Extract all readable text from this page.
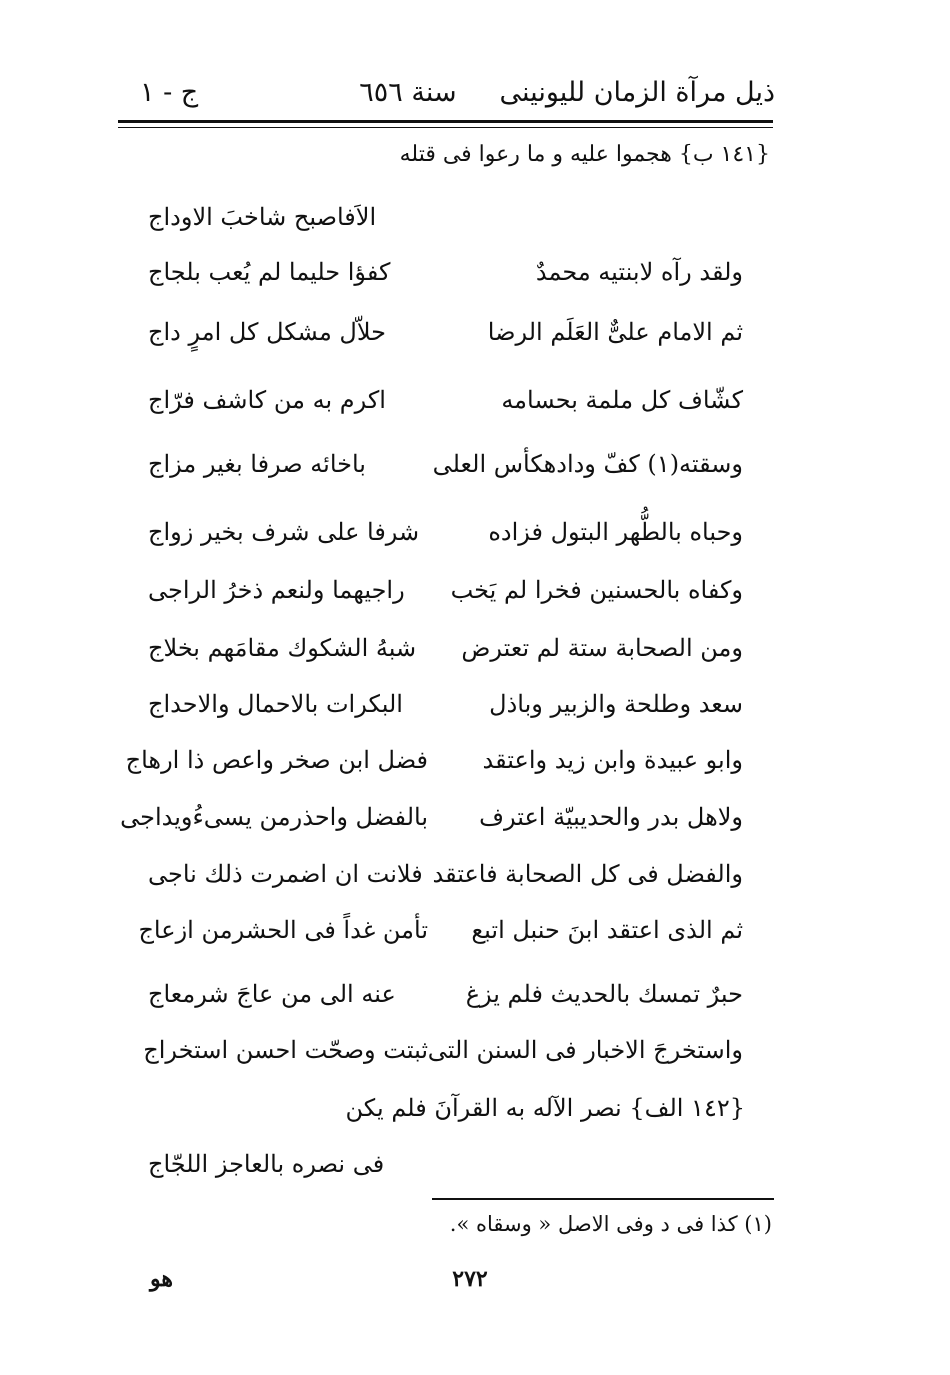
ذيل مرآة الزمان لليونينى     سنة ٦٥٦
ج - ١
{١٤١ ب} هجموا عليه و ما رعوا فى قتله
الاَفاصبح شاخبَ الاوداج
ولقد رآه لابنتيه محمدٌ
كفؤا حليما لم يُعب بلجاج
ثم الامام علىٌّ العَلَم الرضا
حلاّل مشكل كل امرٍ داج
كشّاف كل ملمة بحسامه
اكرم به من كاشف فرّاج
وسقته(١) كفّ ودادهكأس العلى
باخائه صرفا بغير مزاج
وحباه بالطُّهر البتول فزاده
شرفا على شرف بخير زواج
وكفاه بالحسنين فخرا لم يَخب
راجيهما ولنعم ذخرُ الراجى
ومن الصحابة ستة لم تعترض
شبهُ الشكوك مقامَهم بخلاج
سعد وطلحة والزبير وباذل
البكرات بالاحمال والاحداج
وابو عبيدة وابن زيد واعتقد
فضل ابن صخر واعص ذا ارهاج
ولاهل بدر والحديبيّة اعترف
بالفضل واحذرمن يسىءُويداجى
والفضل فى كل الصحابة فاعتقد
فلانت ان اضمرت ذلك ناجى
ثم الذى اعتقد ابنَ حنبل اتبع
تأمن غداً فى الحشرمن ازعاج
حبرٌ تمسك بالحديث فلم يزغ
عنه الى من عاجَ شرمعاج
واستخرجَ الاخبار فى السنن التى
ثبتت وصحّت احسن استخراج
{١٤٢ الف} نصر الآله به القرآنَ فلم يكن
فى نصره بالعاجز اللجّاج
(١) كذا فى د وفى الاصل « وسقاه ».
هو	٢٧٢
